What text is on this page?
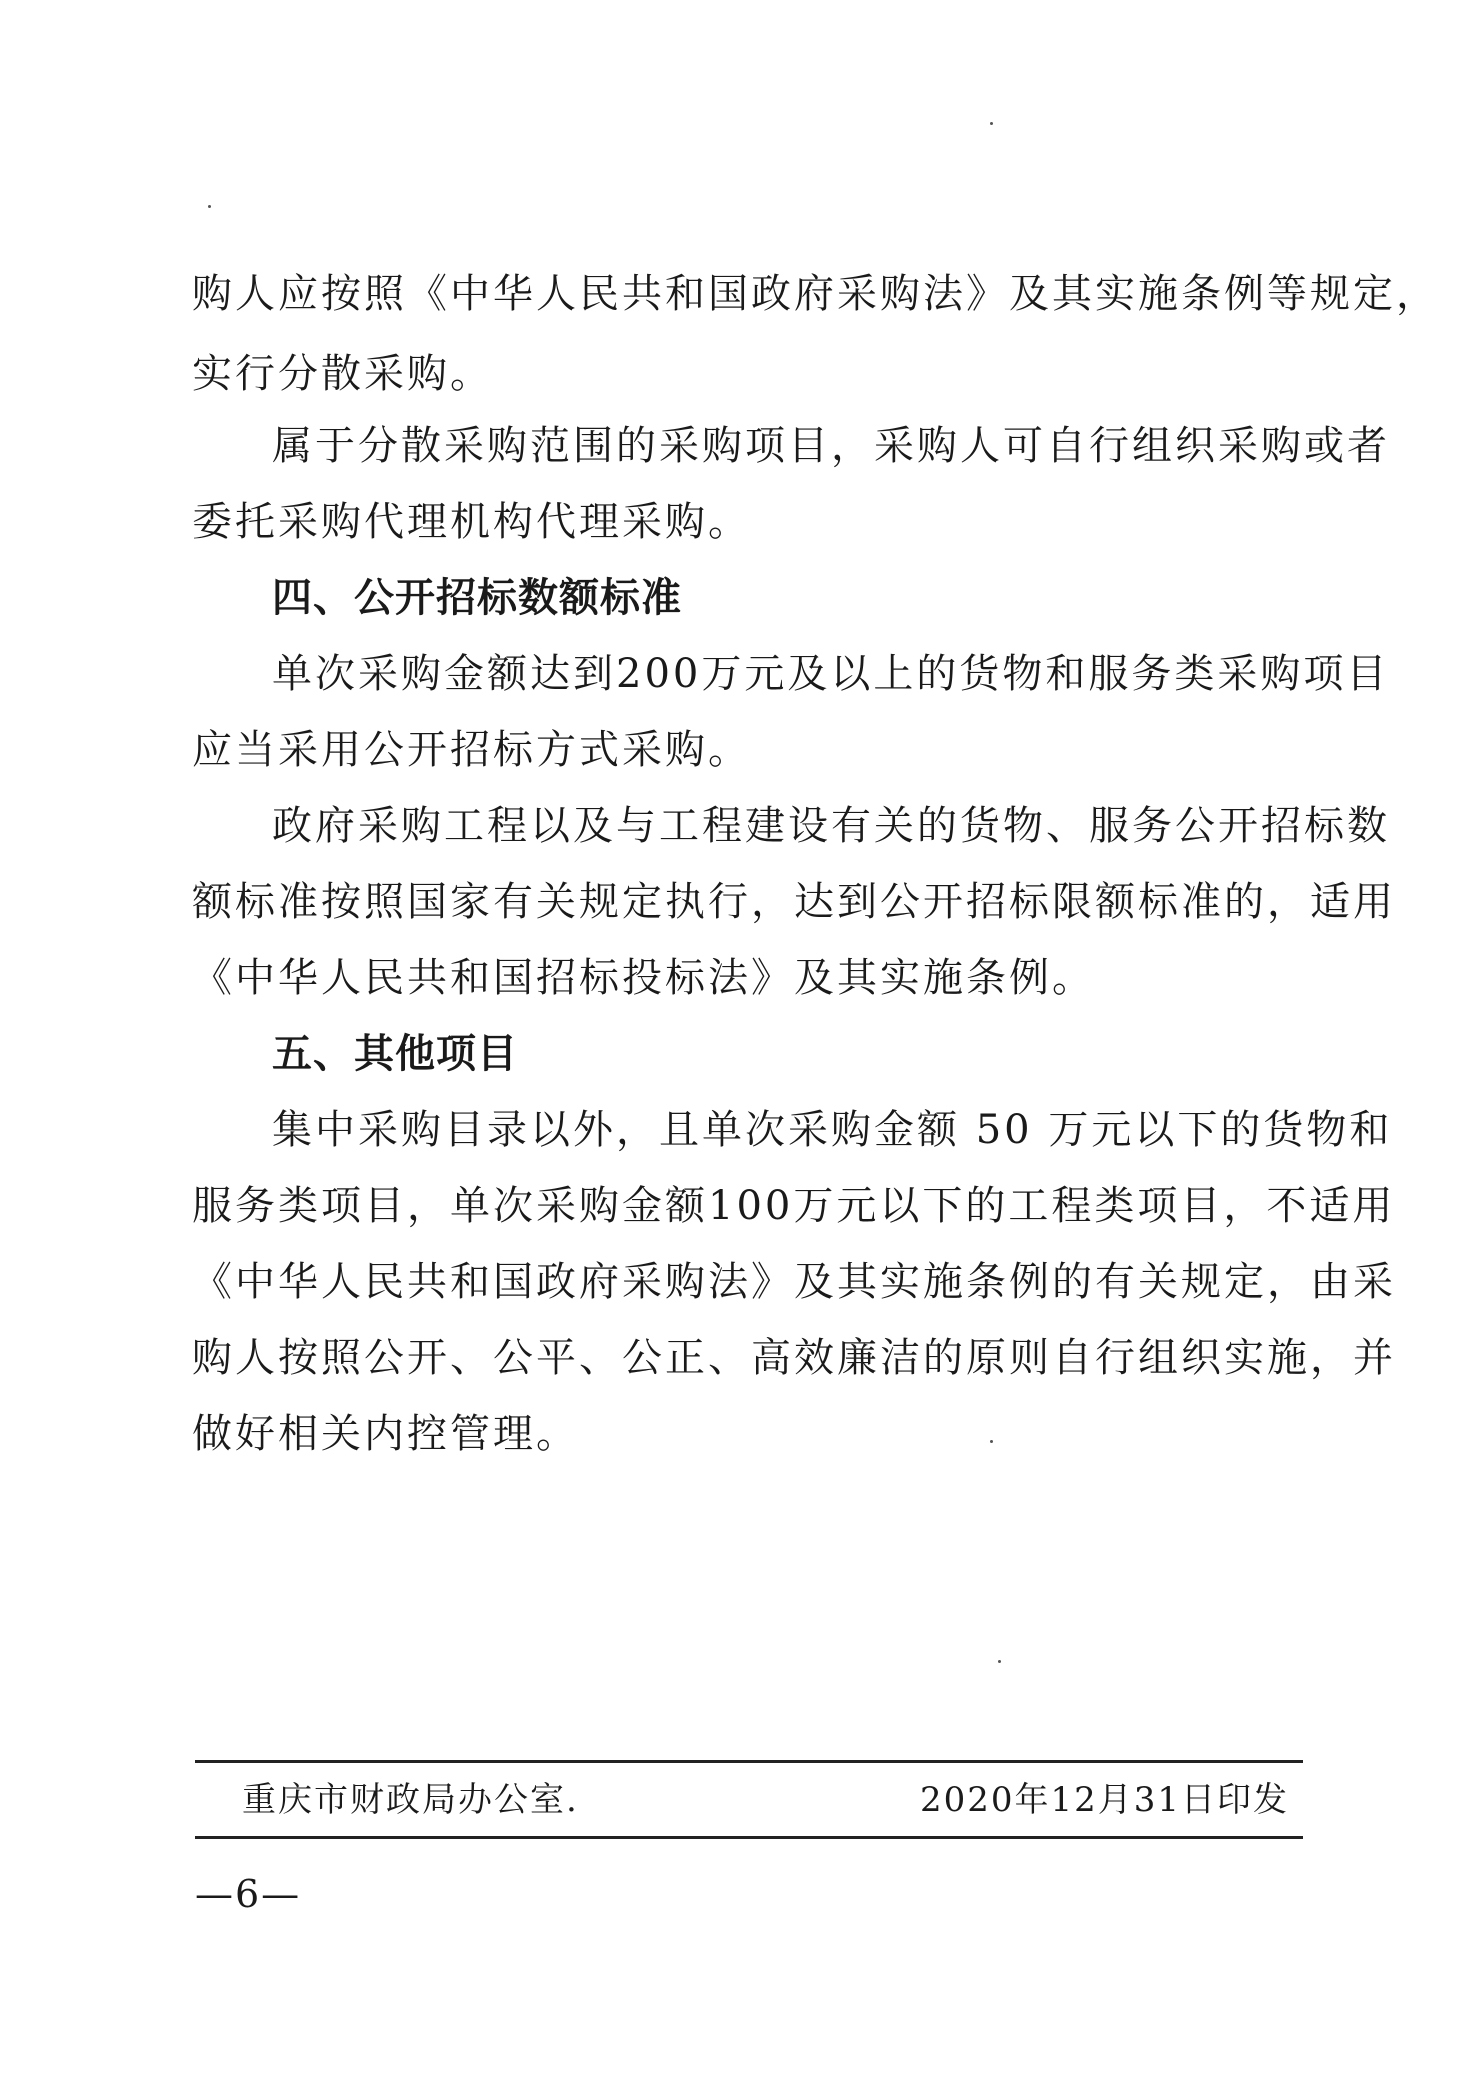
购人应按照《中华人民共和国政府采购法》及其实施条例等规定，
实行分散采购。
属于分散采购范围的采购项目，采购人可自行组织采购或者
委托采购代理机构代理采购。
四、公开招标数额标准
单次采购金额达到200万元及以上的货物和服务类采购项目
应当采用公开招标方式采购。
政府采购工程以及与工程建设有关的货物、服务公开招标数
额标准按照国家有关规定执行，达到公开招标限额标准的，适用
《中华人民共和国招标投标法》及其实施条例。
五、其他项目
集中采购目录以外，且单次采购金额 50 万元以下的货物和
服务类项目，单次采购金额100万元以下的工程类项目，不适用
《中华人民共和国政府采购法》及其实施条例的有关规定，由采
购人按照公开、公平、公正、高效廉洁的原则自行组织实施，并
做好相关内控管理。
重庆市财政局办公室.	2020年12月31日印发
—6—
